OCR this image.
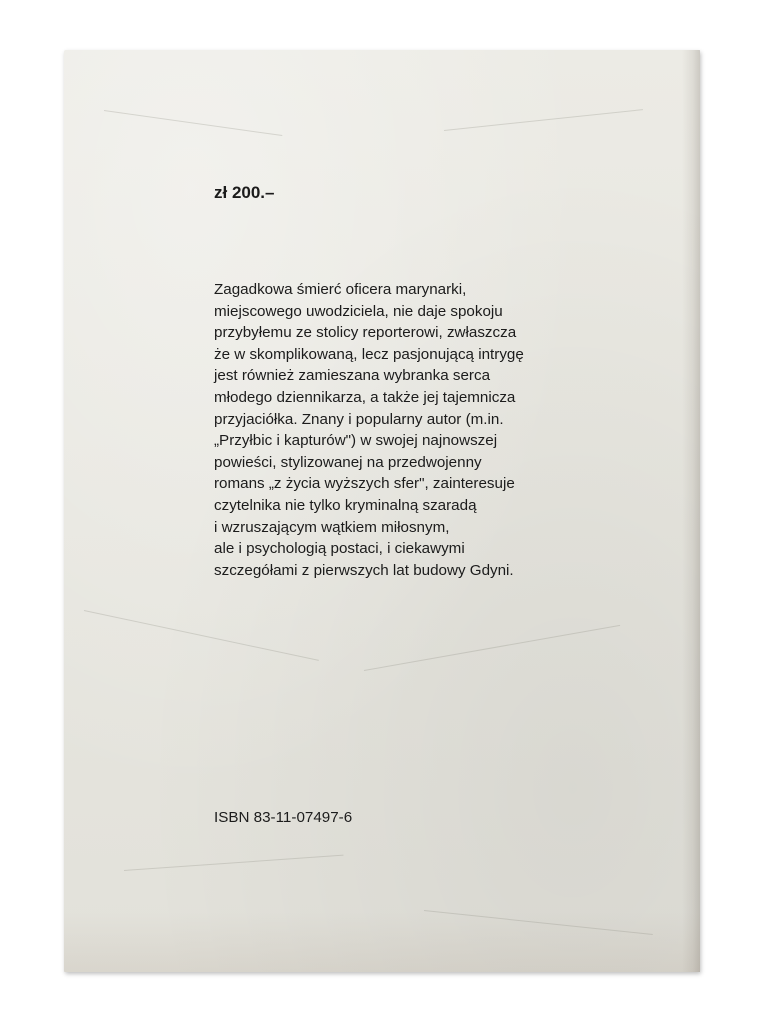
zł 200.–
Zagadkowa śmierć oficera marynarki,
miejscowego uwodziciela, nie daje spokoju
przybyłemu ze stolicy reporterowi, zwłaszcza
że w skomplikowaną, lecz pasjonującą intrygę
jest również zamieszana wybranka serca
młodego dziennikarza, a także jej tajemnicza
przyjaciółka. Znany i popularny autor (m.in.
„Przyłbic i kapturów") w swojej najnowszej
powieści, stylizowanej na przedwojenny
romans „z życia wyższych sfer", zainteresuje
czytelnika nie tylko kryminalną szaradą
i wzruszającym wątkiem miłosnym,
ale i psychologią postaci, i ciekawymi
szczegółami z pierwszych lat budowy Gdyni.
ISBN 83-11-07497-6
